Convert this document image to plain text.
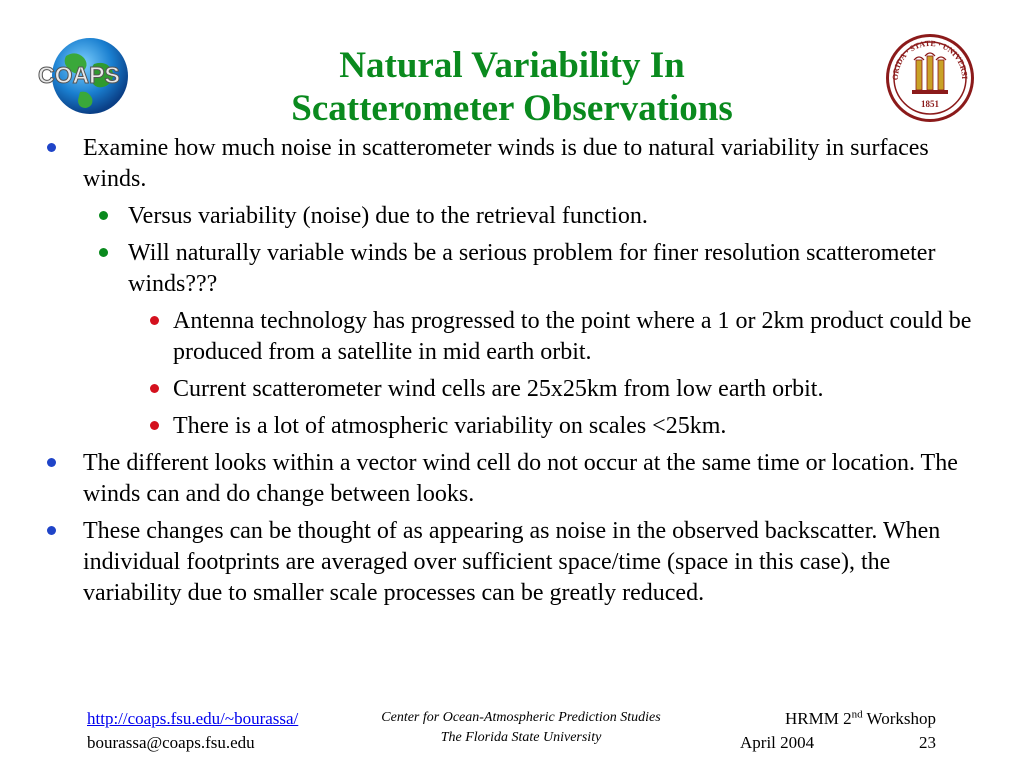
COAPS	ORIDA · STATE · UNIVERSI
1851
Natural Variability In
Scatterometer Observations
Examine how much noise in scatterometer winds is due to natural variability in surfaces winds.
Versus variability (noise) due to the retrieval function.
Will naturally variable winds be a serious problem for finer resolution scatterometer winds???
Antenna technology has progressed to the point where a 1 or 2km product could be produced from a satellite in mid earth orbit.
Current scatterometer wind cells are 25x25km from low earth orbit.
There is a lot of atmospheric variability on scales <25km.
The different looks within a vector wind cell do not occur at the same time or location. The winds can and do change between looks.
These changes can be thought of as appearing as noise in the observed backscatter. When individual footprints are averaged over sufficient space/time (space in this case), the variability due to smaller scale processes can be greatly reduced.
http://coaps.fsu.edu/~bourassa/
bourassa@coaps.fsu.edu
Center for Ocean-Atmospheric Prediction Studies
The Florida State University
HRMM 2nd Workshop
April 2004	23
